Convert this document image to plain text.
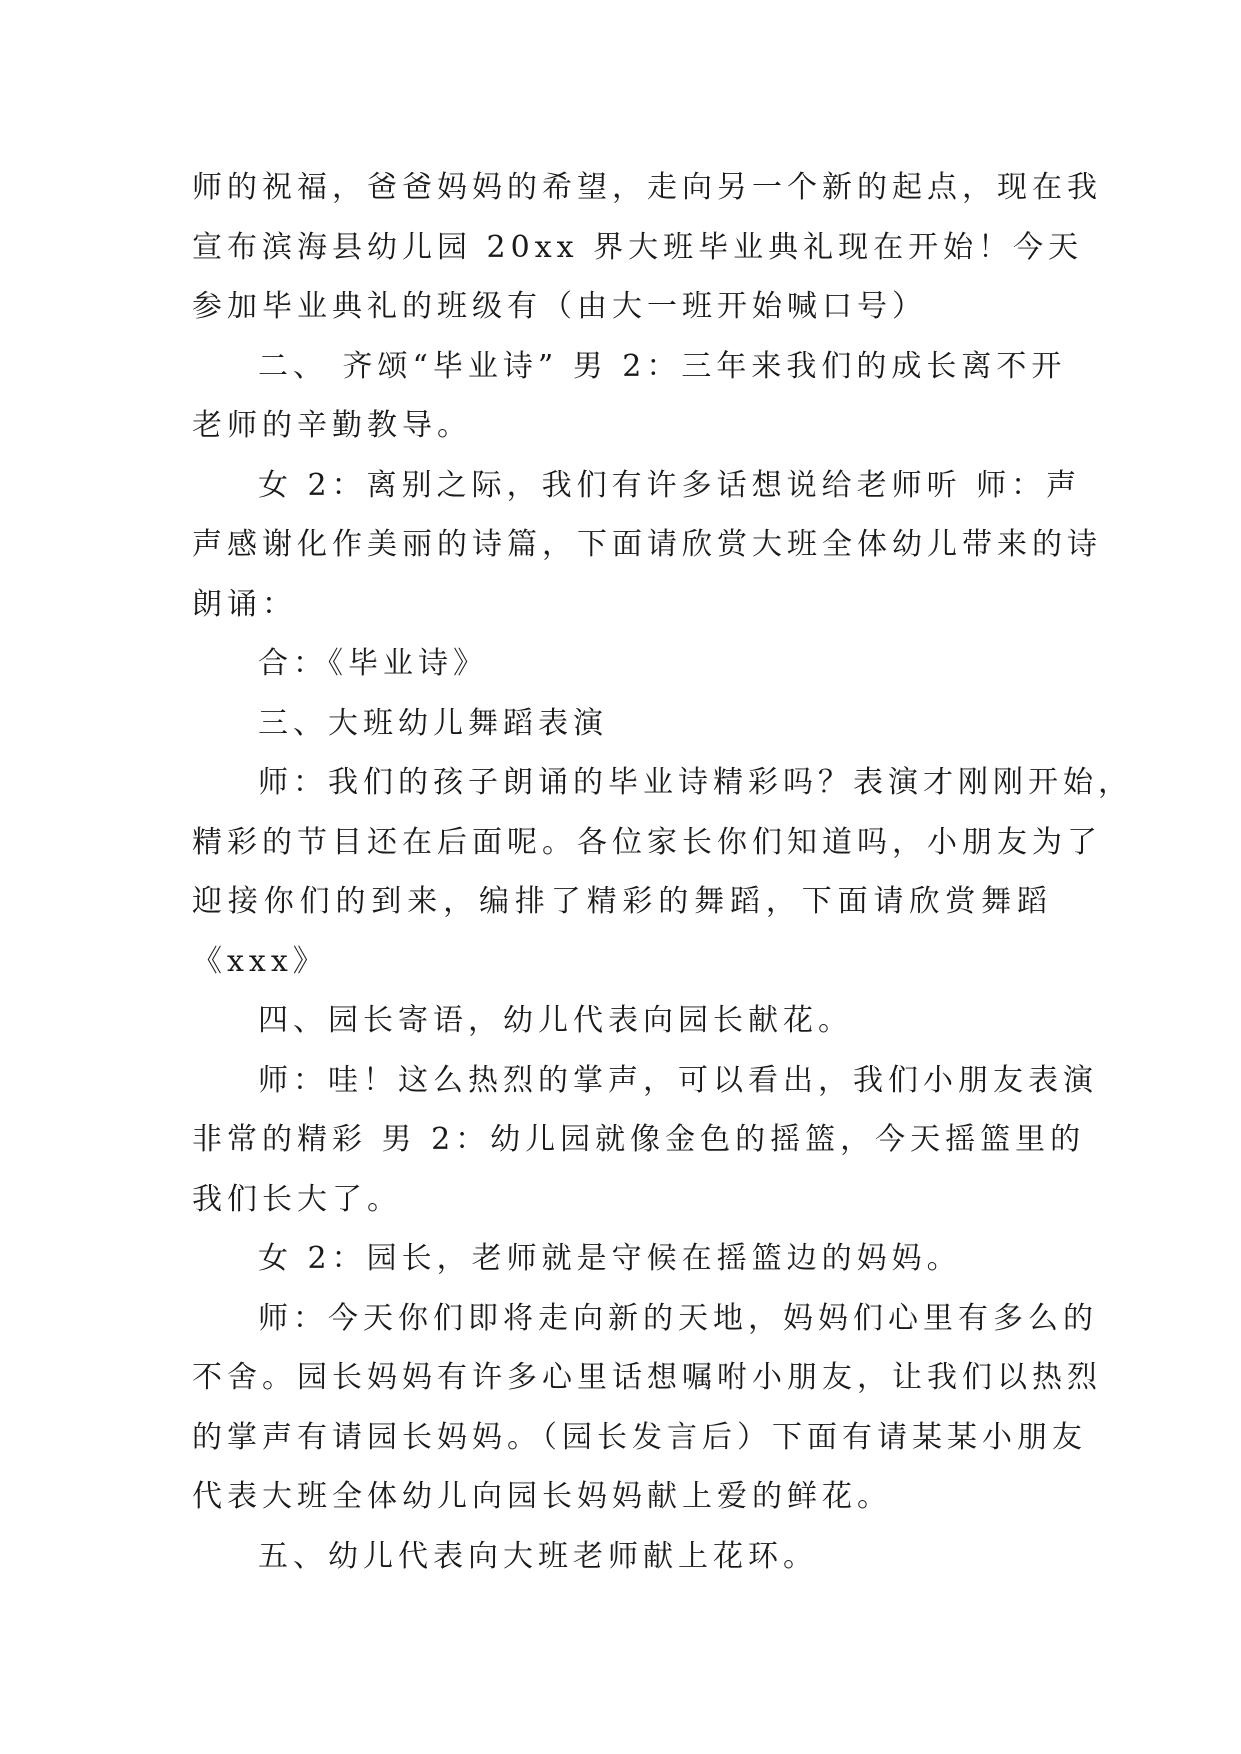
师的祝福，爸爸妈妈的希望，走向另一个新的起点，现在我
宣布滨海县幼儿园 20xx 界大班毕业典礼现在开始！今天
参加毕业典礼的班级有（由大一班开始喊口号）

二、 齐颂“毕业诗” 男 2：三年来我们的成长离不开
老师的辛勤教导。

女 2：离别之际，我们有许多话想说给老师听 师：声
声感谢化作美丽的诗篇，下面请欣赏大班全体幼儿带来的诗
朗诵：

合：《毕业诗》

三、大班幼儿舞蹈表演

师：我们的孩子朗诵的毕业诗精彩吗？表演才刚刚开始，
精彩的节目还在后面呢。各位家长你们知道吗，小朋友为了
迎接你们的到来，编排了精彩的舞蹈，下面请欣赏舞蹈
《xxx》

四、园长寄语，幼儿代表向园长献花。

师：哇！这么热烈的掌声，可以看出，我们小朋友表演
非常的精彩 男 2：幼儿园就像金色的摇篮，今天摇篮里的
我们长大了。

女 2：园长，老师就是守候在摇篮边的妈妈。

师：今天你们即将走向新的天地，妈妈们心里有多么的
不舍。园长妈妈有许多心里话想嘱咐小朋友，让我们以热烈
的掌声有请园长妈妈。（园长发言后）下面有请某某小朋友
代表大班全体幼儿向园长妈妈献上爱的鲜花。

五、幼儿代表向大班老师献上花环。
